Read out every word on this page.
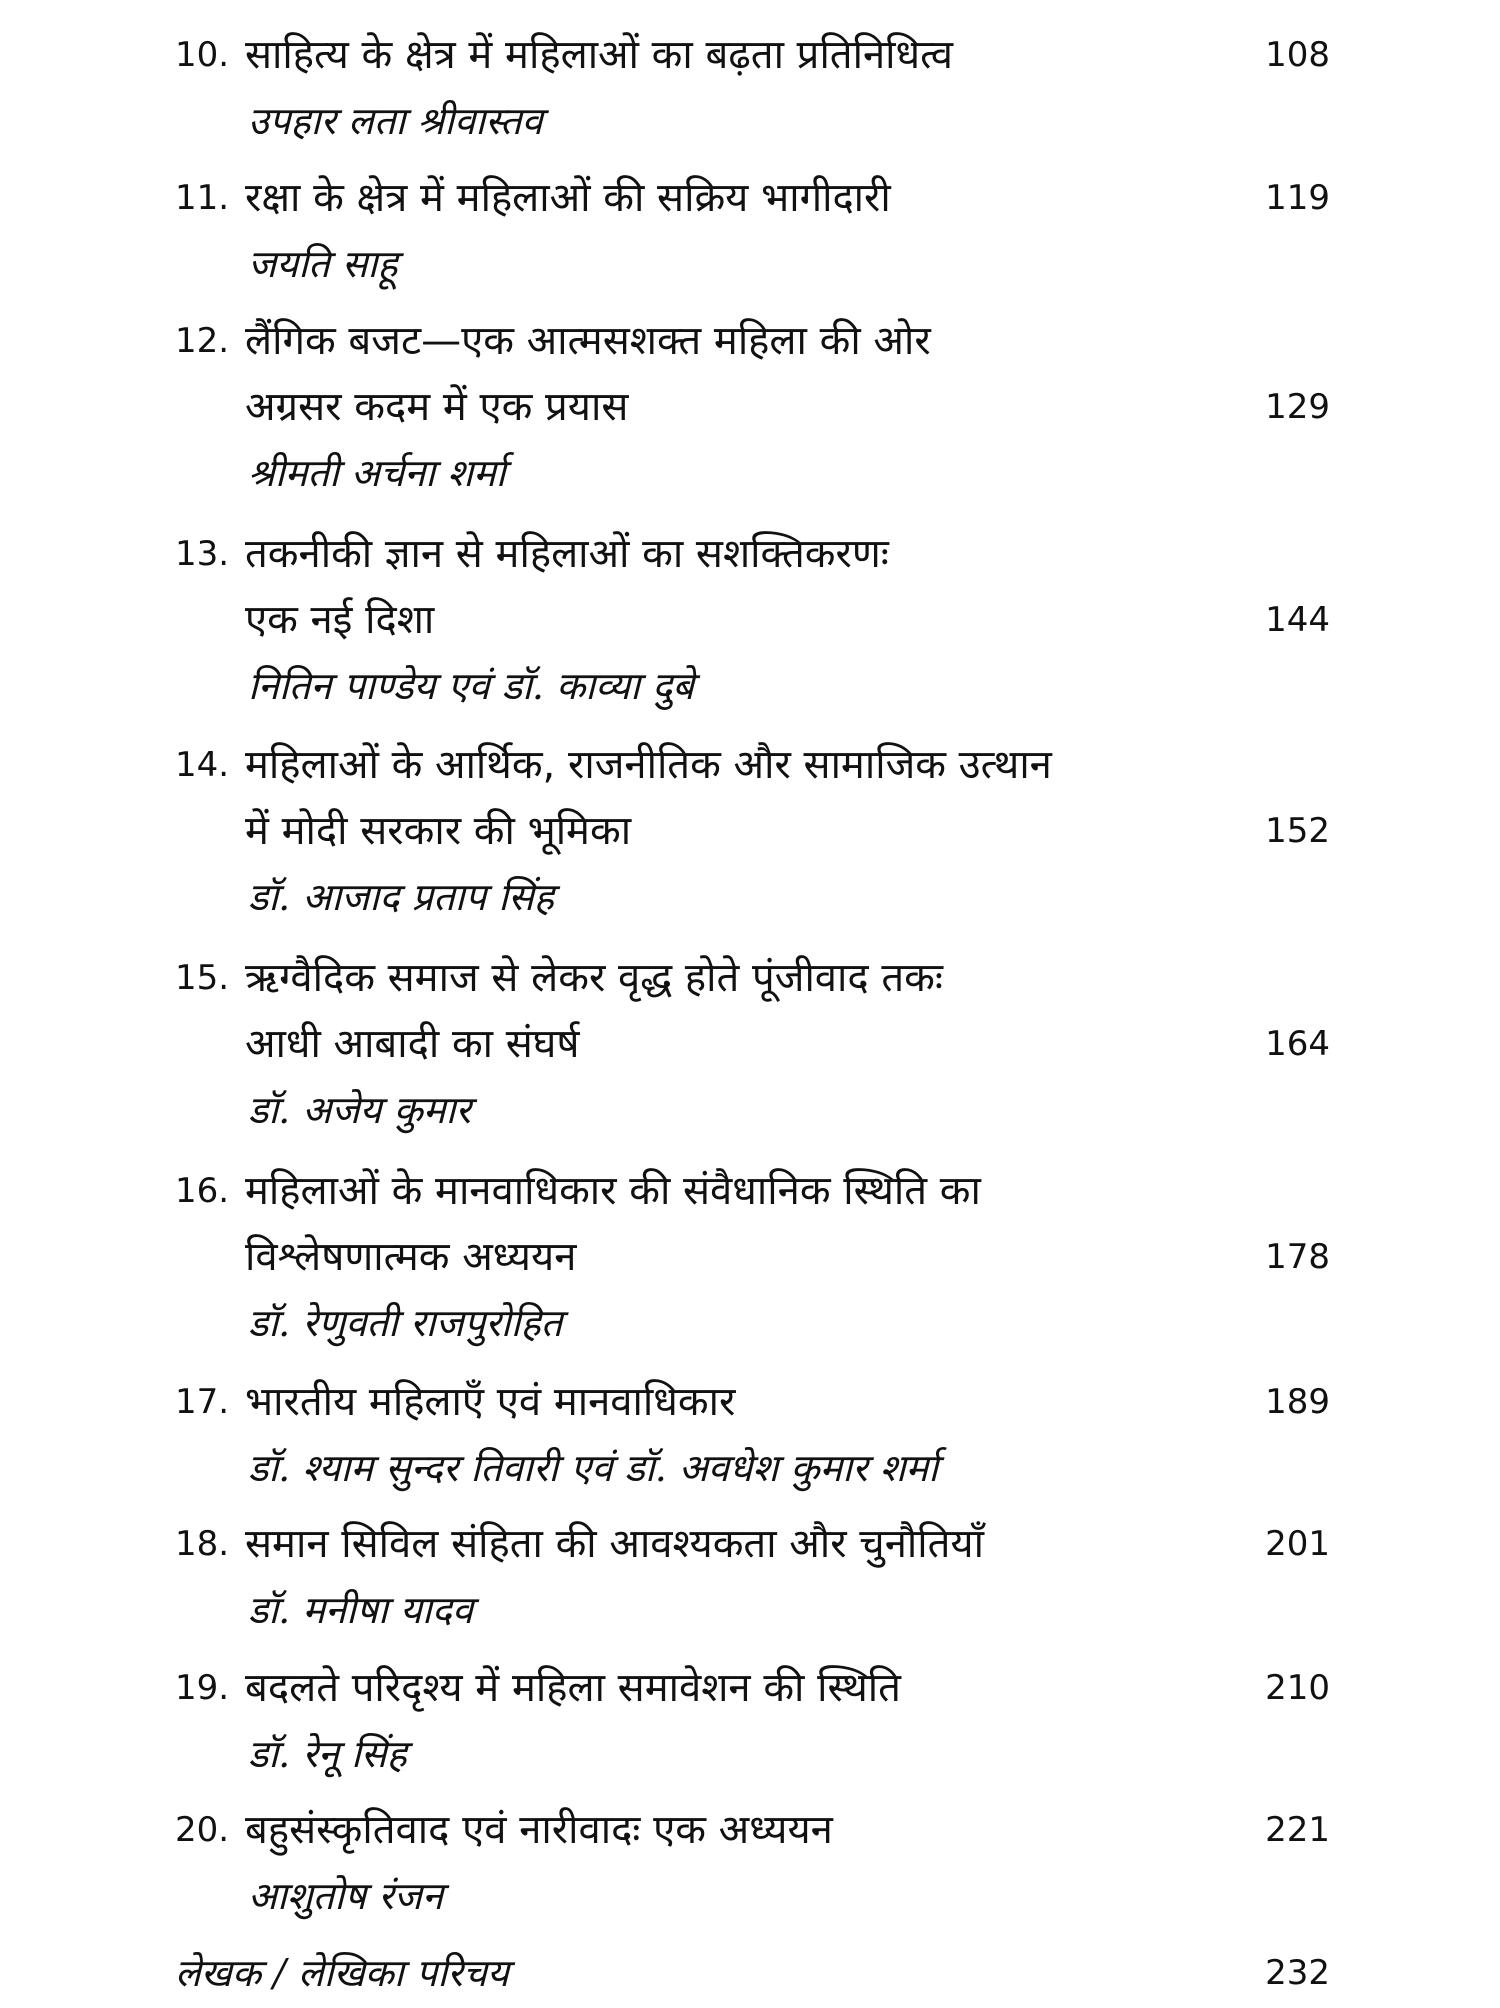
10. साहित्य के क्षेत्र में महिलाओं का बढ़ता प्रतिनिधित्व	108
उपहार लता श्रीवास्तव
11. रक्षा के क्षेत्र में महिलाओं की सक्रिय भागीदारी	119
जयति साहू
12. लैंगिक बजट—एक आत्मसशक्त महिला की ओर
अग्रसर कदम में एक प्रयास	129
श्रीमती अर्चना शर्मा
13. तकनीकी ज्ञान से महिलाओं का सशक्तिकरणः
एक नई दिशा	144
नितिन पाण्डेय एवं डॉ. काव्या दुबे
14. महिलाओं के आर्थिक, राजनीतिक और सामाजिक उत्थान
में मोदी सरकार की भूमिका	152
डॉ. आजाद प्रताप सिंह
15. ऋग्वैदिक समाज से लेकर वृद्ध होते पूंजीवाद तकः
आधी आबादी का संघर्ष	164
डॉ. अजेय कुमार
16. महिलाओं के मानवाधिकार की संवैधानिक स्थिति का
विश्लेषणात्मक अध्ययन	178
डॉ. रेणुवती राजपुरोहित
17. भारतीय महिलाएँ एवं मानवाधिकार	189
डॉ. श्याम सुन्दर तिवारी एवं डॉ. अवधेश कुमार शर्मा
18. समान सिविल संहिता की आवश्यकता और चुनौतियाँ	201
डॉ. मनीषा यादव
19. बदलते परिदृश्य में महिला समावेशन की स्थिति	210
डॉ. रेनू सिंह
20. बहुसंस्कृतिवाद एवं नारीवादः एक अध्ययन	221
आशुतोष रंजन
लेखक / लेखिका परिचय	232
